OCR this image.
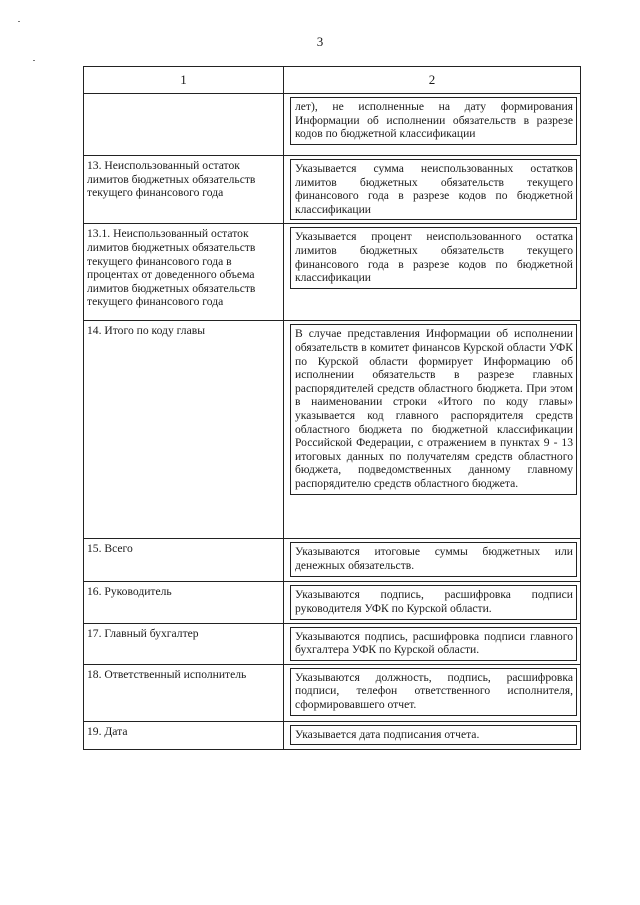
3
1	2

	лет), не исполненные на дату формирования Информации об исполнении обязательств в разрезе кодов по бюджетной классификации

13. Неиспользованный остаток лимитов бюджетных обязательств текущего финансового года	Указывается сумма неиспользованных остатков лимитов бюджетных обязательств текущего финансового года в разрезе кодов по бюджетной классификации

13.1. Неиспользованный остаток лимитов бюджетных обязательств текущего финансового года в процентах от доведенного объема лимитов бюджетных обязательств текущего финансового года	Указывается процент неиспользованного остатка лимитов бюджетных обязательств текущего финансового года в разрезе кодов по бюджетной классификации

14. Итого по коду главы	В случае представления Информации об исполнении обязательств в комитет финансов Курской области УФК по Курской области формирует Информацию об исполнении обязательств в разрезе главных распорядителей средств областного бюджета. При этом в наименовании строки «Итого по коду главы» указывается код главного распорядителя средств областного бюджета по бюджетной классификации Российской Федерации, с отражением в пунктах 9 - 13 итоговых данных по получателям средств областного бюджета, подведомственных данному главному распорядителю средств областного бюджета.

15. Всего	Указываются итоговые суммы бюджетных или денежных обязательств.

16. Руководитель	Указываются подпись, расшифровка подписи руководителя УФК по Курской области.

17. Главный бухгалтер	Указываются подпись, расшифровка подписи главного бухгалтера УФК по Курской области.

18. Ответственный исполнитель	Указываются должность, подпись, расшифровка подписи, телефон ответственного исполнителя, сформировавшего отчет.

19. Дата	Указывается дата подписания отчета.
